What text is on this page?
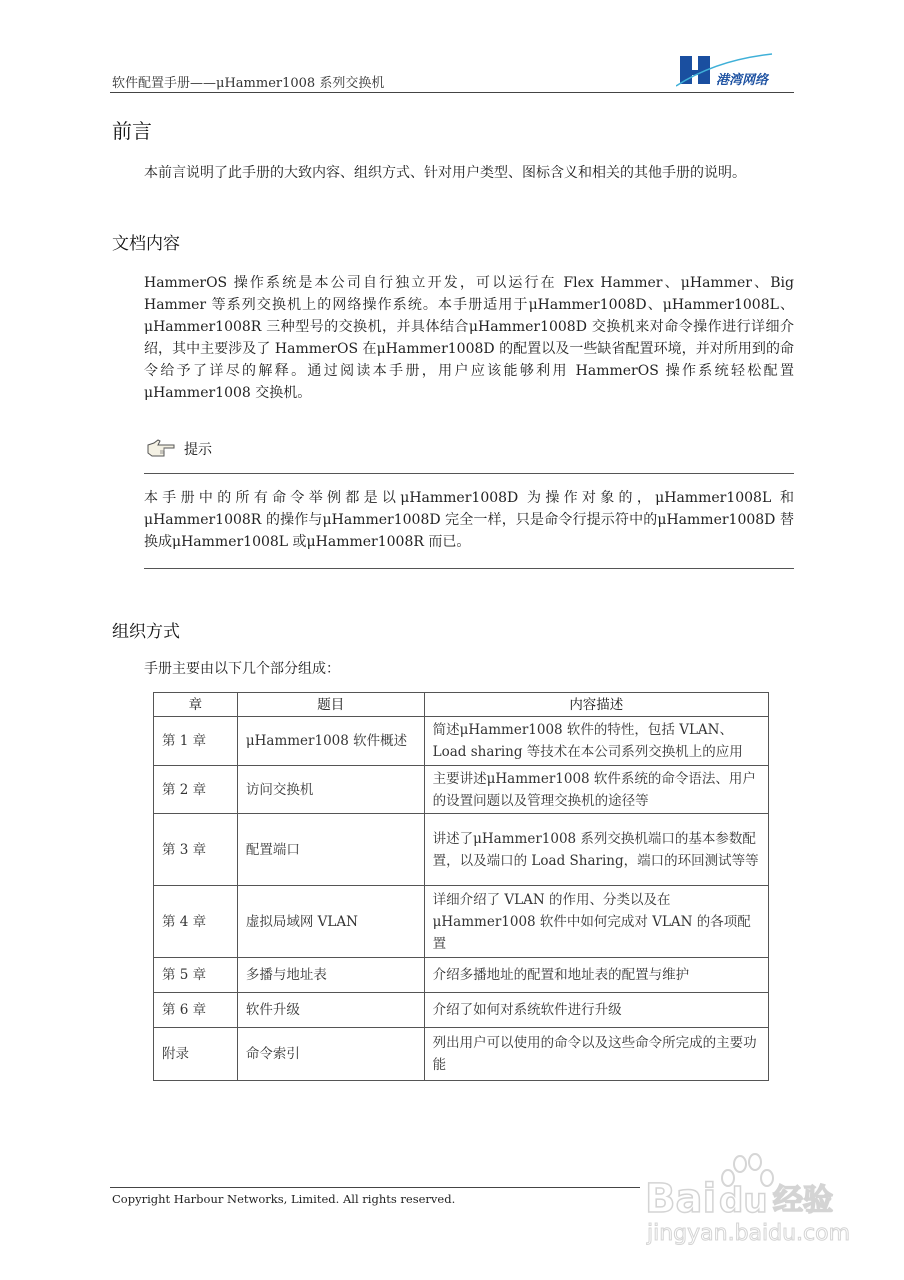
软件配置手册——μHammer1008 系列交换机	港湾网络
前言

本前言说明了此手册的大致内容、组织方式、针对用户类型、图标含义和相关的其他手册的说明。

文档内容

HammerOS 操作系统是本公司自行独立开发，可以运行在 Flex Hammer、μHammer、Big Hammer 等系列交换机上的网络操作系统。本手册适用于μHammer1008D、μHammer1008L、μHammer1008R 三种型号的交换机，并具体结合μHammer1008D 交换机来对命令操作进行详细介绍，其中主要涉及了 HammerOS 在μHammer1008D 的配置以及一些缺省配置环境，并对所用到的命令给予了详尽的解释。通过阅读本手册，用户应该能够利用 HammerOS 操作系统轻松配置μHammer1008 交换机。

提示

本手册中的所有命令举例都是以μHammer1008D 为操作对象的，μHammer1008L 和μHammer1008R 的操作与μHammer1008D 完全一样，只是命令行提示符中的μHammer1008D 替换成μHammer1008L 或μHammer1008R 而已。

组织方式

手册主要由以下几个部分组成：

章	题目	内容描述
第 1 章	μHammer1008 软件概述	简述μHammer1008 软件的特性，包括 VLAN、Load sharing 等技术在本公司系列交换机上的应用
第 2 章	访问交换机	主要讲述μHammer1008 软件系统的命令语法、用户的设置问题以及管理交换机的途径等
第 3 章	配置端口	讲述了μHammer1008 系列交换机端口的基本参数配置，以及端口的 Load Sharing，端口的环回测试等等
第 4 章	虚拟局域网 VLAN	详细介绍了 VLAN 的作用、分类以及在μHammer1008 软件中如何完成对 VLAN 的各项配置
第 5 章	多播与地址表	介绍多播地址的配置和地址表的配置与维护
第 6 章	软件升级	介绍了如何对系统软件进行升级
附录	命令索引	列出用户可以使用的命令以及这些命令所完成的主要功能
Copyright Harbour Networks, Limited. All rights reserved.	Bai du 经验
jingyan.baidu.com
